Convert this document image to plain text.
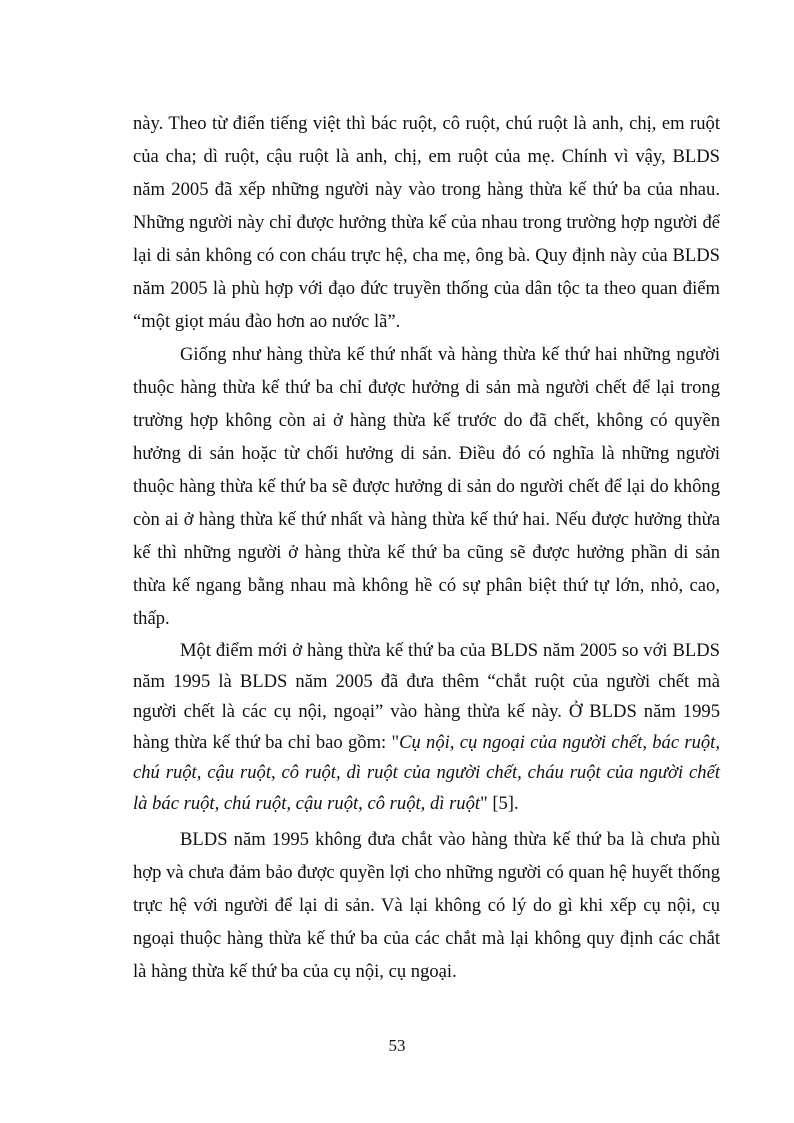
này. Theo từ điển tiếng việt thì bác ruột, cô ruột, chú ruột là anh, chị, em ruột của cha; dì ruột, cậu ruột là anh, chị, em ruột của mẹ. Chính vì vậy, BLDS năm 2005 đã xếp những người này vào trong hàng thừa kế thứ ba của nhau. Những người này chỉ được hưởng thừa kế của nhau trong trường hợp người để lại di sản không có con cháu trực hệ, cha mẹ, ông bà. Quy định này của BLDS năm 2005 là phù hợp với đạo đức truyền thống của dân tộc ta theo quan điểm “một giọt máu đào hơn ao nước lã”.

Giống như hàng thừa kế thứ nhất và hàng thừa kế thứ hai những người thuộc hàng thừa kế thứ ba chỉ được hưởng di sản mà người chết để lại trong trường hợp không còn ai ở hàng thừa kế trước do đã chết, không có quyền hưởng di sản hoặc từ chối hưởng di sản. Điều đó có nghĩa là những người thuộc hàng thừa kế thứ ba sẽ được hưởng di sản do người chết để lại do không còn ai ở hàng thừa kế thứ nhất và hàng thừa kế thứ hai. Nếu được hưởng thừa kế thì những người ở hàng thừa kế thứ ba cũng sẽ được hưởng phần di sản thừa kế ngang bằng nhau mà không hề có sự phân biệt thứ tự lớn, nhỏ, cao, thấp.

Một điểm mới ở hàng thừa kế thứ ba của BLDS năm 2005 so với BLDS năm 1995 là BLDS năm 2005 đã đưa thêm “chắt ruột của người chết mà người chết là các cụ nội, ngoại” vào hàng thừa kế này. Ở BLDS năm 1995 hàng thừa kế thứ ba chỉ bao gồm: "Cụ nội, cụ ngoại của người chết, bác ruột, chú ruột, cậu ruột, cô ruột, dì ruột của người chết, cháu ruột của người chết là bác ruột, chú ruột, cậu ruột, cô ruột, dì ruột" [5].

BLDS năm 1995 không đưa chắt vào hàng thừa kế thứ ba là chưa phù hợp và chưa đảm bảo được quyền lợi cho những người có quan hệ huyết thống trực hệ với người để lại di sản. Và lại không có lý do gì khi xếp cụ nội, cụ ngoại thuộc hàng thừa kế thứ ba của các chắt mà lại không quy định các chắt là hàng thừa kế thứ ba của cụ nội, cụ ngoại.

53
